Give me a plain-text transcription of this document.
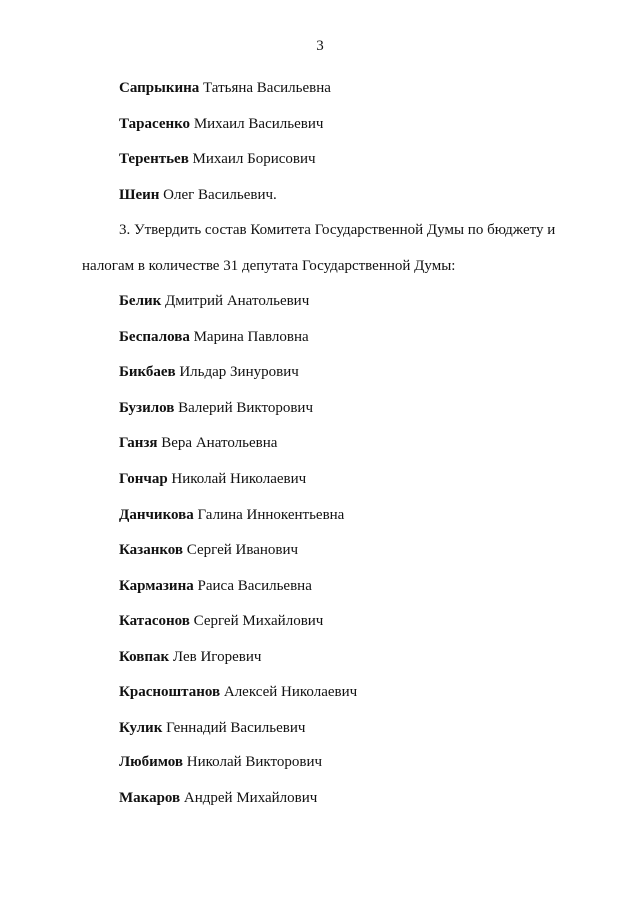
3
Сапрыкина Татьяна Васильевна
Тарасенко Михаил Васильевич
Терентьев Михаил Борисович
Шеин Олег Васильевич.
3. Утвердить состав Комитета Государственной Думы по бюджету и
налогам в количестве 31 депутата Государственной Думы:
Белик Дмитрий Анатольевич
Беспалова Марина Павловна
Бикбаев Ильдар Зинурович
Бузилов Валерий Викторович
Ганзя Вера Анатольевна
Гончар Николай Николаевич
Данчикова Галина Иннокентьевна
Казанков Сергей Иванович
Кармазина Раиса Васильевна
Катасонов Сергей Михайлович
Ковпак Лев Игоревич
Красноштанов Алексей Николаевич
Кулик Геннадий Васильевич
Любимов Николай Викторович
Макаров Андрей Михайлович
